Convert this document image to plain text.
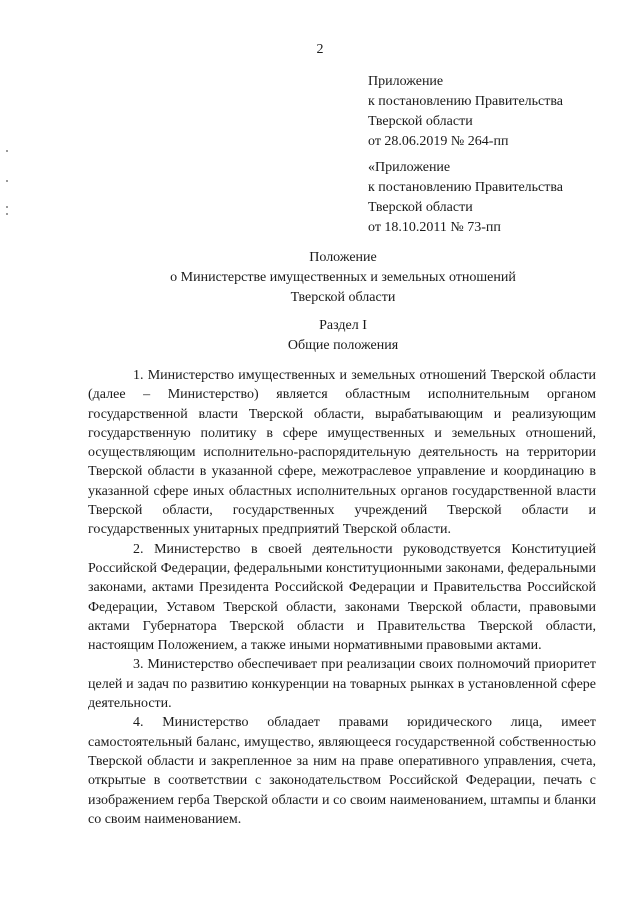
2
Приложение
к постановлению Правительства
Тверской области
от 28.06.2019 № 264-пп
«Приложение
к постановлению Правительства
Тверской области
от 18.10.2011 № 73-пп
Положение
о Министерстве имущественных и земельных отношений
Тверской области
Раздел I
Общие положения

1. Министерство имущественных и земельных отношений Тверской области (далее – Министерство) является областным исполнительным органом государственной власти Тверской области, вырабатывающим и реализующим государственную политику в сфере имущественных и земельных отношений, осуществляющим исполнительно-распорядительную деятельность на территории Тверской области в указанной сфере, межотраслевое управление и координацию в указанной сфере иных областных исполнительных органов государственной власти Тверской области, государственных учреждений Тверской области и государственных унитарных предприятий Тверской области.

2. Министерство в своей деятельности руководствуется Конституцией Российской Федерации, федеральными конституционными законами, федеральными законами, актами Президента Российской Федерации и Правительства Российской Федерации, Уставом Тверской области, законами Тверской области, правовыми актами Губернатора Тверской области и Правительства Тверской области, настоящим Положением, а также иными нормативными правовыми актами.

3. Министерство обеспечивает при реализации своих полномочий приоритет целей и задач по развитию конкуренции на товарных рынках в установленной сфере деятельности.

4. Министерство обладает правами юридического лица, имеет самостоятельный баланс, имущество, являющееся государственной собственностью Тверской области и закрепленное за ним на праве оперативного управления, счета, открытые в соответствии с законодательством Российской Федерации, печать с изображением герба Тверской области и со своим наименованием, штампы и бланки со своим наименованием.
